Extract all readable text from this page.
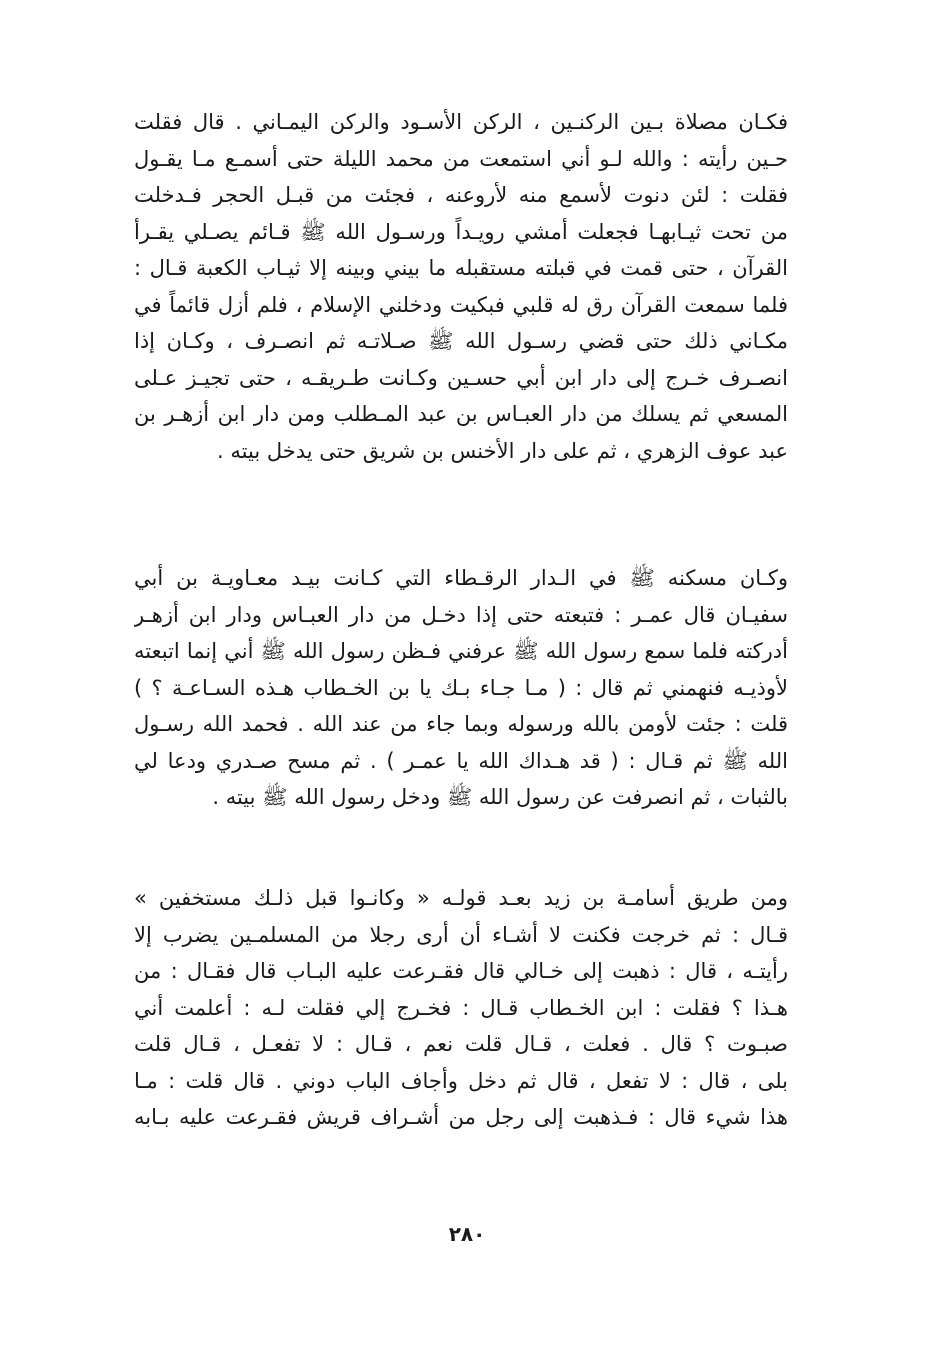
فكـان مصلاة بـين الركنـين ، الركن الأسـود والركن اليمـاني . قال فقلت
حـين رأيته : والله لـو أني استمعت من محمد الليلة حتى أسمـع مـا يقـول
فقلت : لئن دنوت لأسمع منه لأروعنه ، فجئت من قبـل الحجر فـدخلت
من تحت ثيـابهـا فجعلت أمشي رويـداً ورسـول الله ﷺ قـائم يصـلي يقـرأ
القرآن ، حتى قمت في قبلته مستقبله ما بيني وبينه إلا ثيـاب الكعبة قـال :
فلما سمعت القرآن رق له قلبي فبكيت ودخلني الإسلام ، فلم أزل قائماً في
مكـاني ذلك حتى قضي رسـول الله ﷺ صـلاتـه ثم انصـرف ، وكـان إذا
انصـرف خـرج إلى دار ابن أبي حسـين وكـانت طـريقـه ، حتى تجيـز عـلى
المسعي ثم يسلك من دار العبـاس بن عبد المـطلب ومن دار ابن أزهـر بن
عبد عوف الزهري ، ثم على دار الأخنس بن شريق حتى يدخل بيته .
وكـان مسكنه ﷺ في الـدار الرقـطاء التي كـانت بيـد معـاويـة بن أبي
سفيـان قال عمـر : فتبعته حتى إذا دخـل من دار العبـاس ودار ابن أزهـر
أدركته فلما سمع رسول الله ﷺ عرفني فـظن رسول الله ﷺ أني إنما اتبعته
لأوذيـه فنهمني ثم قال : ( مـا جـاء بـك يا بن الخـطاب هـذه السـاعـة ؟ )
قلت : جئت لأومن بالله ورسوله وبما جاء من عند الله . فحمد الله رسـول
الله ﷺ ثم قـال : ( قد هـداك الله يا عمـر ) . ثم مسح صـدري ودعا لي
بالثبات ، ثم انصرفت عن رسول الله ﷺ ودخل رسول الله ﷺ بيته .
ومن طريق أسامـة بن زيد بعـد قولـه « وكانـوا قبل ذلـك مستخفين »
قـال : ثم خرجت فكنت لا أشـاء أن أرى رجلا من المسلمـين يضرب إلا
رأيتـه ، قال : ذهبت إلى خـالي قال فقـرعت عليه البـاب قال فقـال : من
هـذا ؟ فقلت : ابن الخـطاب قـال : فخـرج إلي فقلت لـه : أعلمت أني
صبـوت ؟ قال . فعلت ، قـال قلت نعم ، قـال : لا تفعـل ، قـال قلت
بلى ، قال : لا تفعل ، قال ثم دخل وأجاف الباب دوني . قال قلت : مـا
هذا شيء قال : فـذهبت إلى رجل من أشـراف قريش فقـرعت عليه بـابه
٢٨٠
